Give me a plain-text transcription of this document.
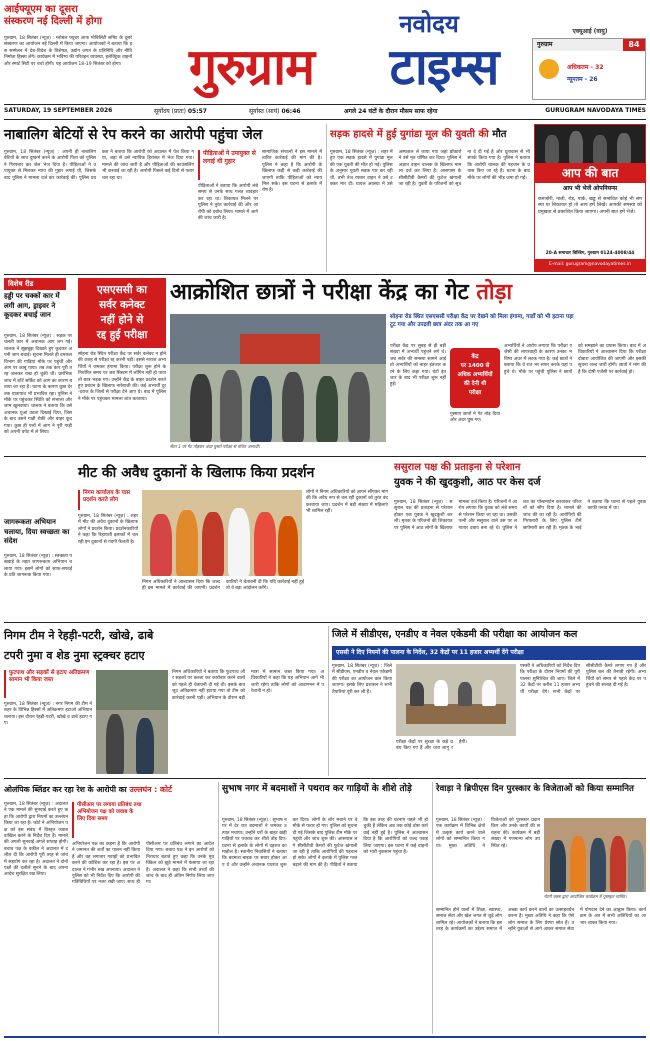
आईफ्यूएम का दूसरा
संस्करण नई दिल्ली में होगा
गुरुग्राम, 18 सितंबर (न्यूज़) : ग्लोबल फ्यूचर आफ मोबिलिटी समिट के दूसरे संस्करण का आयोजन नई दिल्ली में किया जाएगा। आयोजकों ने बताया कि इस सम्मेलन में देश-विदेश के विशेषज्ञ, उद्योग जगत के प्रतिनिधि और नीति निर्माता हिस्सा लेंगे। कार्यक्रम में भविष्य की परिवहन व्यवस्था, इलेक्ट्रिक वाहनों और स्मार्ट सिटी पर चर्चा होगी। यह आयोजन 18-19 सितंबर को होगा।
नवोदय
गुरुग्राम	टाइम्स
एक्यूआई (वायु)
गुरुग्राम	84
अधिकतम - 32
न्यूनतम - 26
SATURDAY, 19 SEPTEMBER 2026	सूर्योदय (प्रातः) 05:57	सूर्यास्त (सायं) 06:46	अगले 24 घंटों के दौरान मौसम साफ रहेगा	GURUGRAM NAVODAYA TIMES
नाबालिग बेटियों से रेप करने का आरोपी पहुंचा जेल
गुरुग्राम, 18 सितंबर (न्यूज़) : अपनी ही नाबालिग बेटियों के साथ दुष्कर्म करने के आरोपी पिता को पुलिस ने गिरफ्तार कर जेल भेज दिया है। पीड़िताओं ने उपायुक्त से मिलकर न्याय की गुहार लगाई थी, जिसके बाद पुलिस ने मामला दर्ज कर कार्रवाई की। पुलिस प्रवक्ता ने बताया कि आरोपी को अदालत में पेश किया गया, जहां से उसे न्यायिक हिरासत में भेज दिया गया। मामले की जांच जारी है और पीड़िताओं की काउंसलिंग भी करवाई जा रही है। आरोपी पिछले कई दिनों से फरार चल रहा था।
पीड़िताओं ने उपायुक्त से लगाई थी गुहार
पीड़िताओं ने बताया कि आरोपी लंबे समय से उनके साथ गलत व्यवहार कर रहा था। शिकायत मिलने पर पुलिस ने तुरंत कार्रवाई की और आरोपी को दबोच लिया। मामले में आगे की जांच जारी है।
सामाजिक संगठनों ने इस मामले में त्वरित कार्रवाई की मांग की है। पुलिस ने कहा है कि आरोपी के खिलाफ कड़ी से कड़ी कार्रवाई की जाएगी ताकि पीड़िताओं को न्याय मिल सके। इस घटना से इलाके में रोष है।
सड़क हादसे में हुई युगांडा मूल की युवती की मौत
गुरुग्राम, 18 सितंबर (न्यूज़) : शहर में हुए एक सड़क हादसे में युगांडा मूल की एक युवती की मौत हो गई। पुलिस के अनुसार युवती सड़क पार कर रही थी, तभी तेज रफ्तार वाहन ने उसे टक्कर मार दी। घायल अवस्था में उसे अस्पताल ले जाया गया जहां डॉक्टरों ने उसे मृत घोषित कर दिया। पुलिस ने अज्ञात वाहन चालक के खिलाफ मामला दर्ज कर लिया है। आसपास के सीसीटीवी कैमरों की फुटेज खंगाली जा रही है। युवती के परिजनों को सूचना दे दी गई है और दूतावास से भी संपर्क किया गया है। पुलिस ने बताया कि आरोपी चालक की पहचान के प्रयास किए जा रहे हैं। घटना के बाद मौके पर लोगों की भीड़ जमा हो गई।	आप की बात
आप भी भेजें ओपनियन्स
कमजोरी, नाली, रोड़, पार्क, खड्ड से सम्बंधित कोई भी समस्या या शिकायत हो तो आप हमें लिखें। आपकी समस्या को प्रमुखता से प्रकाशित किया जाएगा। अपनी बात हमें भेजें।
20-A समाचार बिल्डिंग, गुरुग्राम 0124-4008/44
E-mail: gurugram@navodayatimes.in
विशेष रीड
हड्डी पर चक्कों कार में लगी आग, ड्राइवर ने कूदकर बचाई जान
गुरुग्राम, 18 सितंबर (न्यूज़) : सड़क पर चलती कार में अचानक आग लग गई। चालक ने सूझबूझ दिखाते हुए कूदकर अपनी जान बचाई। सूचना मिलते ही दमकल विभाग की गाड़ियां मौके पर पहुंचीं और आग पर काबू पाया। तब तक कार पूरी तरह जलकर राख हो चुकी थी। प्रारंभिक जांच में शॉर्ट सर्किट को आग का कारण बताया जा रहा है। घटना के कारण कुछ देर तक यातायात भी प्रभावित रहा। पुलिस ने मौके पर पहुंचकर स्थिति को संभाला और जाम खुलवाया। चालक ने बताया कि उसे अचानक धुआं उठता दिखाई दिया, जिसके बाद उसने गाड़ी रोकी और बाहर कूद गया। कुछ ही पलों में आग ने पूरी गाड़ी को अपनी चपेट में ले लिया।
एसएससी का
सर्वर कनेक्ट
नहीं होने से
रद्द हुई परीक्षा
सोहना रोड स्थित परीक्षा केंद्र पर सर्वर कनेक्ट न होने की वजह से परीक्षा रद्द करनी पड़ी। इससे नाराज अभ्यर्थियों ने जमकर हंगामा किया। परीक्षा शुरू होने के निर्धारित समय पर जब सिस्टम में लॉगिन नहीं हो पाया तो छात्र भड़क गए। उन्होंने केंद्र के बाहर प्रदर्शन करते हुए प्रबंधन के खिलाफ नारेबाजी की। कई अभ्यर्थी दूर-दराज के जिलों से परीक्षा देने आए थे। बाद में पुलिस ने मौके पर पहुंचकर मामला शांत करवाया।
आक्रोशित छात्रों ने परीक्षा केंद्र का गेट तोड़ा
सेंटर 1 पर गेट तोड़कर अंदर घुसते परीक्षा से वंचित अभ्यर्थी।
सोहना रोड स्थित एसएससी परीक्षा केंद्र पर देखने को मिला हंगामा, गार्डों को भी हटाना पड़ा
टूट गया और उपद्रवी छात्र अंदर तक आ गए
परीक्षा केंद्र पर सुबह से ही बड़ी संख्या में अभ्यर्थी पहुंचने लगे थे। जब सर्वर की समस्या सामने आई तो अभ्यर्थियों को बाहर इंतजार करने के लिए कहा गया। घंटों इंतजार के बाद भी परीक्षा शुरू नहीं हुई।
केंद्र
पर 1400 से
अधिक अभ्यर्थियों
की देनी थी
परीक्षा
गुस्साए छात्रों ने गेट तोड़ दिया और अंदर घुस गए।
अभ्यर्थियों ने आरोप लगाया कि परीक्षा एजेंसी की लापरवाही के कारण उनका भविष्य अधर में लटक गया है। कई छात्रों ने बताया कि वे रात भर सफर करके यहां पहुंचे थे। मौके पर पहुंची पुलिस ने छात्रों को समझाने का प्रयास किया। बाद में अधिकारियों ने आश्वासन दिया कि परीक्षा दोबारा आयोजित की जाएगी और इसकी सूचना जल्द जारी होगी। छात्रों ने मांग की है कि दोषी एजेंसी पर कार्रवाई हो।
मीट की अवैध दुकानों के खिलाफ किया प्रदर्शन
निगम कार्यालय के पास प्रदर्शन करते लोग
गुरुग्राम, 18 सितंबर (न्यूज़) : शहर में मीट की अवैध दुकानों के खिलाफ लोगों ने प्रदर्शन किया। प्रदर्शनकारियों ने कहा कि रिहायशी इलाकों में चल रही इन दुकानों से गंदगी फैलती है।
लोगों ने निगम अधिकारियों को ज्ञापन सौंपकर मांग की कि अवैध रूप से चल रही दुकानों को तुरंत बंद करवाया जाए। प्रदर्शन में बड़ी संख्या में महिलाएं भी शामिल रहीं।
निगम अधिकारियों ने आश्वासन दिया कि जल्द ही इस मामले में कार्रवाई की जाएगी। प्रदर्शनकारियों ने चेतावनी दी कि यदि कार्रवाई नहीं हुई तो वे बड़ा आंदोलन करेंगे।
जागरूकता अभियान चलाया, दिया स्वच्छता का संदेश
गुरुग्राम, 18 सितंबर (न्यूज़) : स्वच्छता पखवाड़े के तहत जागरूकता अभियान चलाया गया। इसमें लोगों को साफ-सफाई के प्रति जागरूक किया गया।
ससुराल पक्ष की प्रताड़ना से परेशान
युवक ने की खुदकुशी, आठ पर केस दर्ज
गुरुग्राम, 18 सितंबर (न्यूज़) : ससुराल पक्ष की प्रताड़ना से परेशान होकर एक युवक ने खुदकुशी कर ली। मृतक के परिजनों की शिकायत पर पुलिस ने आठ लोगों के खिलाफ मामला दर्ज किया है। परिजनों ने आरोप लगाया कि युवक को लंबे समय से परेशान किया जा रहा था। उसकी पत्नी और ससुराल वाले उस पर लगातार दबाव बना रहे थे। पुलिस ने शव का पोस्टमार्टम करवाकर परिजनों को सौंप दिया है। मामले की जांच की जा रही है। आरोपियों की गिरफ्तारी के लिए पुलिस टीमें छापेमारी कर रही हैं। मृतक के भाई ने बताया कि घटना से पहले युवक काफी तनाव में था।
निगम टीम ने रेहड़ी-पटरी, खोखे, ढाबे
टपरी नुमा व शेड नुमा स्ट्रक्चर हटाए
फुटपाथ और सड़कों से हटाए अतिक्रमण सामान भी किया जब्त
गुरुग्राम, 18 सितंबर (न्यूज़) : नगर निगम की टीम ने शहर के विभिन्न हिस्सों में अतिक्रमण हटाओ अभियान चलाया। इस दौरान रेहड़ी-पटरी, खोखे व ढाबे हटाए गए।
निगम अधिकारियों ने बताया कि फुटपाथ और सड़कों पर कब्जा कर कारोबार करने वालों को पहले ही चेतावनी दी गई थी। इसके बावजूद अतिक्रमण नहीं हटाया गया तो टीम को कार्रवाई करनी पड़ी। अभियान के दौरान बड़ी मात्रा में सामान जब्त किया गया। अधिकारियों ने कहा कि यह अभियान आगे भी जारी रहेगा ताकि लोगों को आवागमन में परेशानी न हो।
जिले में सीडीएस, एनडीए व नेवल एकेडमी की परीक्षा का आयोजन कल
एससी ने दिए नियमों की पालना के निर्देश, 32 केंद्रों पर 11 हजार अभ्यर्थी देंगे परीक्षा
गुरुग्राम, 18 सितंबर (न्यूज़) : जिले में सीडीएस, एनडीए व नेवल एकेडमी की परीक्षा का आयोजन कल किया जाएगा। इसके लिए प्रशासन ने सभी तैयारियां पूरी कर ली हैं।
परीक्षा केंद्रों पर सुरक्षा के कड़े प्रबंध किए गए हैं और धारा लागू रहेगी।
एससी ने अधिकारियों को निर्देश दिए कि परीक्षा के दौरान नियमों की पूरी पालना सुनिश्चित की जाए। जिले में 32 केंद्रों पर करीब 11 हजार अभ्यर्थी परीक्षा देंगे। सभी केंद्रों पर सीसीटीवी कैमरे लगाए गए हैं और पुलिस बल की तैनाती रहेगी। अभ्यर्थियों को समय से पहले केंद्र पर पहुंचने की सलाह दी गई है।
ओलंपिक ब्लिंडर कर रहा रेश के आरोपी का उल्लघंन : कोर्ट
गुरुग्राम, 18 सितंबर (न्यूज़) : अदालत ने एक मामले की सुनवाई करते हुए कहा कि आरोपी द्वारा नियमों का उल्लंघन किया जा रहा है। कोर्ट ने अभियोजन पक्ष को इस संबंध में विस्तृत जवाब दाखिल करने के निर्देश दिए हैं। मामले की अगली सुनवाई अगले सप्ताह होगी। बचाव पक्ष के वकील ने अदालत में दलील दी कि आरोपी पूरी तरह से जांच में सहयोग कर रहा है। अदालत ने दोनों पक्षों की दलीलें सुनने के बाद अपना आदेश सुरक्षित रख लिया।
पीसीआर पर लगाया प्रतिबंध तथा अभियोजन पक्ष को जवाब के लिए दिया समय
अभियोजन पक्ष का कहना है कि आरोपी ने जमानत की शर्तों का पालन नहीं किया है और वह लगातार गवाहों को प्रभावित करने की कोशिश कर रहा है। इस पर अदालत ने गंभीर रुख अपनाया। अदालत ने पुलिस को भी निर्देश दिए कि आरोपी की गतिविधियों पर नजर रखी जाए। साथ ही पीसीआर पर प्रतिबंध लगाने का आदेश दिया गया। बचाव पक्ष ने इन आरोपों को निराधार बताते हुए कहा कि उनके मुवक्किल को झूठे मामले में फंसाया जा रहा है। अदालत ने कहा कि सभी तथ्यों की जांच के बाद ही अंतिम निर्णय लिया जाएगा।
सुभाष नगर में बदमाशों ने पथराव कर गाड़ियों के शीशे तोड़े
गुरुग्राम, 18 सितंबर (न्यूज़) : सुभाष नगर में देर रात बदमाशों ने जमकर उत्पात मचाया। उन्होंने घरों के बाहर खड़ी गाड़ियों पर पथराव कर शीशे तोड़ दिए। घटना से इलाके के लोगों में दहशत का माहौल है। स्थानीय निवासियों ने बताया कि बदमाश बाइक पर सवार होकर आए थे और उन्होंने अचानक पथराव शुरू कर दिया। लोगों के शोर मचाने पर वे मौके से फरार हो गए। पुलिस को सूचना दी गई जिसके बाद पुलिस टीम मौके पर पहुंची और जांच शुरू की। आसपास लगे सीसीटीवी कैमरों की फुटेज खंगाली जा रही है ताकि आरोपियों की पहचान हो सके। लोगों ने इलाके में पुलिस गश्त बढ़ाने की मांग की है। पीड़ितों ने बताया कि इस तरह की घटनाएं पहले भी हो चुकी हैं लेकिन अब तक कोई ठोस कार्रवाई नहीं हुई है। पुलिस ने आश्वासन दिया है कि आरोपियों को जल्द पकड़ लिया जाएगा। इस घटना में कई वाहनों को भारी नुकसान पहुंचा है।
रेवाड़ा ने ब्रिपीएस दिन पुरस्कार के विजेताओं को किया सम्मानित
गुरुग्राम, 18 सितंबर (न्यूज़) : एक कार्यक्रम में विभिन्न क्षेत्रों में उत्कृष्ट कार्य करने वाले लोगों को सम्मानित किया गया। मुख्य अतिथि ने विजेताओं को पुरस्कार प्रदान किए और उनके कार्यों की सराहना की। कार्यक्रम में बड़ी संख्या में गणमान्य लोग उपस्थित रहे।
रोटरी क्लब द्वारा आयोजित कार्यक्रम में पुरस्कृत व्यक्ति।
सम्मानित होने वालों में शिक्षा, स्वास्थ्य, समाज सेवा और खेल जगत से जुड़े लोग शामिल रहे। आयोजकों ने बताया कि इस तरह के कार्यक्रमों का उद्देश्य समाज में अच्छा कार्य करने वालों का उत्साहवर्धन करना है। मुख्य अतिथि ने कहा कि ऐसे लोग समाज के लिए प्रेरणा स्रोत हैं। उन्होंने युवाओं से आगे आकर समाज सेवा में योगदान देने का आह्वान किया। कार्यक्रम के अंत में सभी अतिथियों का आभार व्यक्त किया गया।
